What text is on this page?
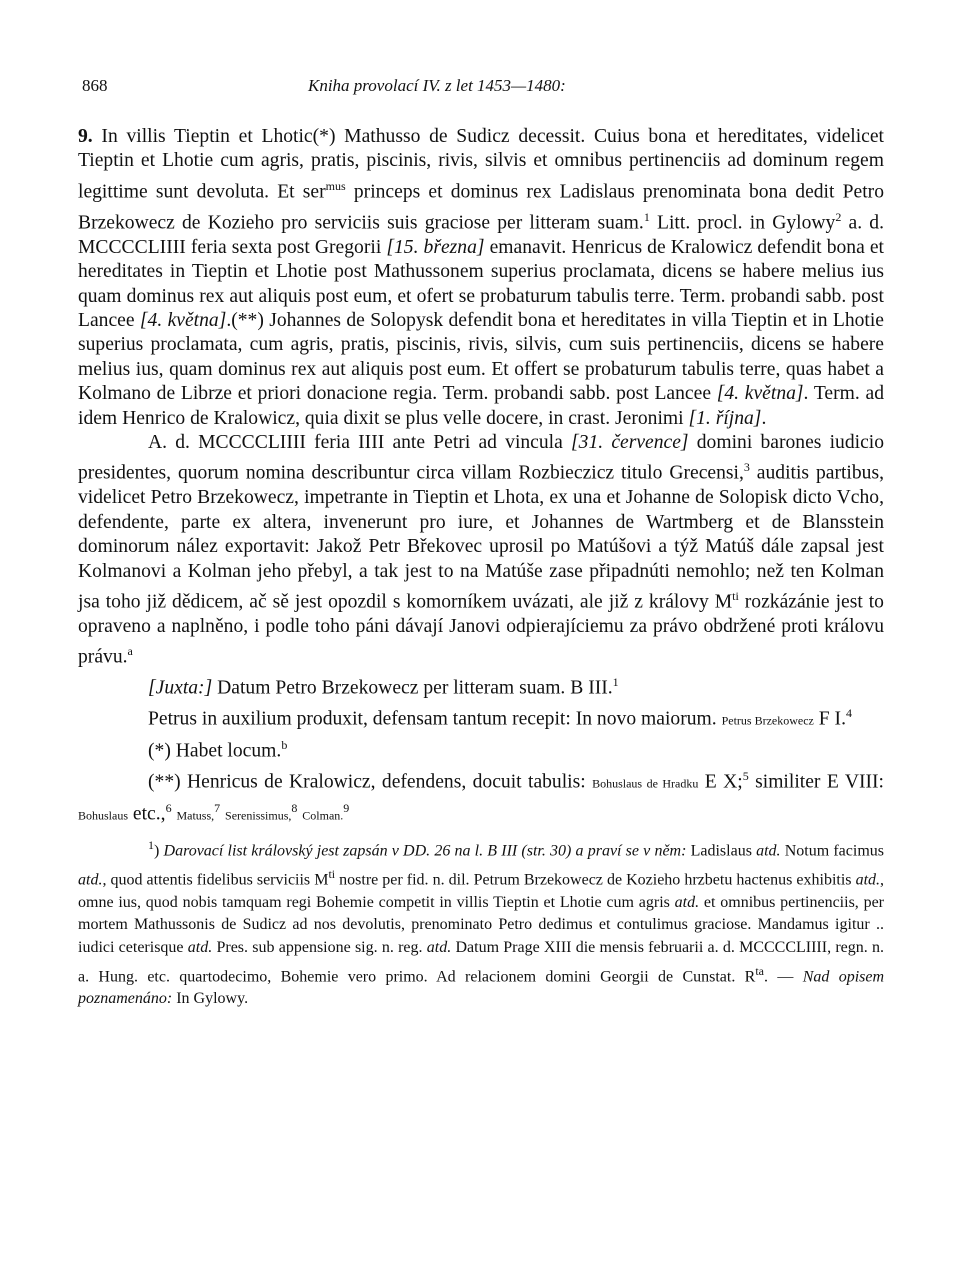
868	Kniha provolací IV. z let 1453—1480:

9. In villis Tieptin et Lhotic(*) Mathusso de Sudicz decessit. Cuius bona et hereditates, videlicet Tieptin et Lhotie cum agris, pratis, piscinis, rivis, silvis et omnibus pertinenciis ad dominum regem legittime sunt devoluta. Et ser$^{mus}$ princeps et dominus rex Ladislaus prenominata bona dedit Petro Brzekowecz de Kozieho pro serviciis suis graciose per litteram suam.$^1$ Litt. procl. in Gylowy$^2$ a. d. MCCCCLIIII feria sexta post Gregorii [15. března] emanavit. Henricus de Kralowicz defendit bona et hereditates in Tieptin et Lhotie post Mathussonem superius proclamata, dicens se habere melius ius quam dominus rex aut aliquis post eum, et ofert se probaturum tabulis terre. Term. probandi sabb. post Lancee [4. května].(**) Johannes de Solopysk defendit bona et hereditates in villa Tieptin et in Lhotie superius proclamata, cum agris, pratis, piscinis, rivis, silvis, cum suis pertinenciis, dicens se habere melius ius, quam dominus rex aut aliquis post eum. Et offert se probaturum tabulis terre, quas habet a Kolmano de Librze et priori donacione regia. Term. probandi sabb. post Lancee [4. května]. Term. ad idem Henrico de Kralowicz, quia dixit se plus velle docere, in crast. Jeronimi [1. října].

A. d. MCCCCLIIII feria IIII ante Petri ad vincula [31. července] domini barones iudicio presidentes, quorum nomina describuntur circa villam Rozbieczicz titulo Grecensi,$^3$ auditis partibus, videlicet Petro Brzekowecz, impetrante in Tieptin et Lhota, ex una et Johanne de Solopisk dicto Vcho, defendente, parte ex altera, invenerunt pro iure, et Johannes de Wartmberg et de Blansstein dominorum nález exportavit: Jakož Petr Břekovec uprosil po Matúšovi a týž Matúš dále zapsal jest Kolmanovi a Kolman jeho přebyl, a tak jest to na Matúše zase připadnúti nemohlo; než ten Kolman jsa toho již dědicem, ač sě jest opozdil s komorníkem uvázati, ale již z královy $M^{ti}$ rozkázánie jest to opraveno a naplněno, i podle toho páni dávají Janovi odpierajíciemu za právo obdržené proti královu právu.$^a$

[Juxta:] Datum Petro Brzekowecz per litteram suam. B III.$^1$

Petrus in auxilium produxit, defensam tantum recepit: In novo maiorum. Petrus Brzekowecz F I.$^4$

(*) Habet locum.$^b$

(**) Henricus de Kralowicz, defendens, docuit tabulis: Bohuslaus de Hradku E X;$^5$ similiter E VIII: Bohuslaus etc.,$^6$ Matuss,$^7$ Serenissimus,$^8$ Colman.$^9$

$^1$) Darovací list královský jest zapsán v DD. 26 na l. B III (str. 30) a praví se v něm: Ladislaus atd. Notum facimus atd., quod attentis fidelibus serviciis $M^{ti}$ nostre per fid. n. dil. Petrum Brzekowecz de Kozieho hrzbetu hactenus exhibitis atd., omne ius, quod nobis tamquam regi Bohemie competit in villis Tieptin et Lhotie cum agris atd. et omnibus pertinenciis, per mortem Mathussonis de Sudicz ad nos devolutis, prenominato Petro dedimus et contulimus graciose. Mandamus igitur .. iudici ceterisque atd. Pres. sub appensione sig. n. reg. atd. Datum Prage XIII die mensis februarii a. d. MCCCCLIIII, regn. n. a. Hung. etc. quartodecimo, Bohemie vero primo. Ad relacionem domini Georgii de Cunstat. $R^{ta}$. — Nad opisem poznamenáno: In Gylowy.
